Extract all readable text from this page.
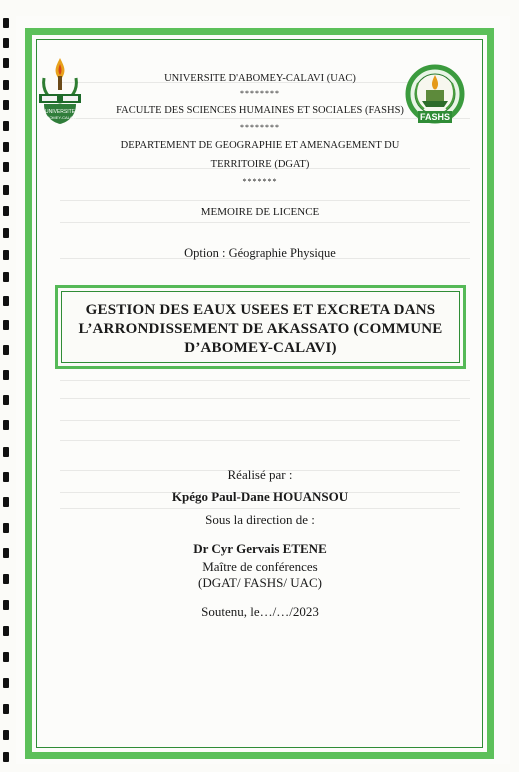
UNIVERSITE
ABOMEY-CALAVI	FASHS
UNIVERSITE D'ABOMEY-CALAVI (UAC)
********
FACULTE DES SCIENCES HUMAINES ET SOCIALES (FASHS)
********
DEPARTEMENT DE GEOGRAPHIE ET AMENAGEMENT DU
TERRITOIRE (DGAT)
*******
MEMOIRE DE LICENCE
Option : Géographie Physique
GESTION DES EAUX USEES ET EXCRETA DANS
L’ARRONDISSEMENT DE AKASSATO (COMMUNE
D’ABOMEY-CALAVI)
Réalisé par :
Kpégo Paul-Dane HOUANSOU
Sous la direction de :
Dr Cyr Gervais ETENE
Maître de conférences
(DGAT/ FASHS/ UAC)
Soutenu, le…/…/2023
